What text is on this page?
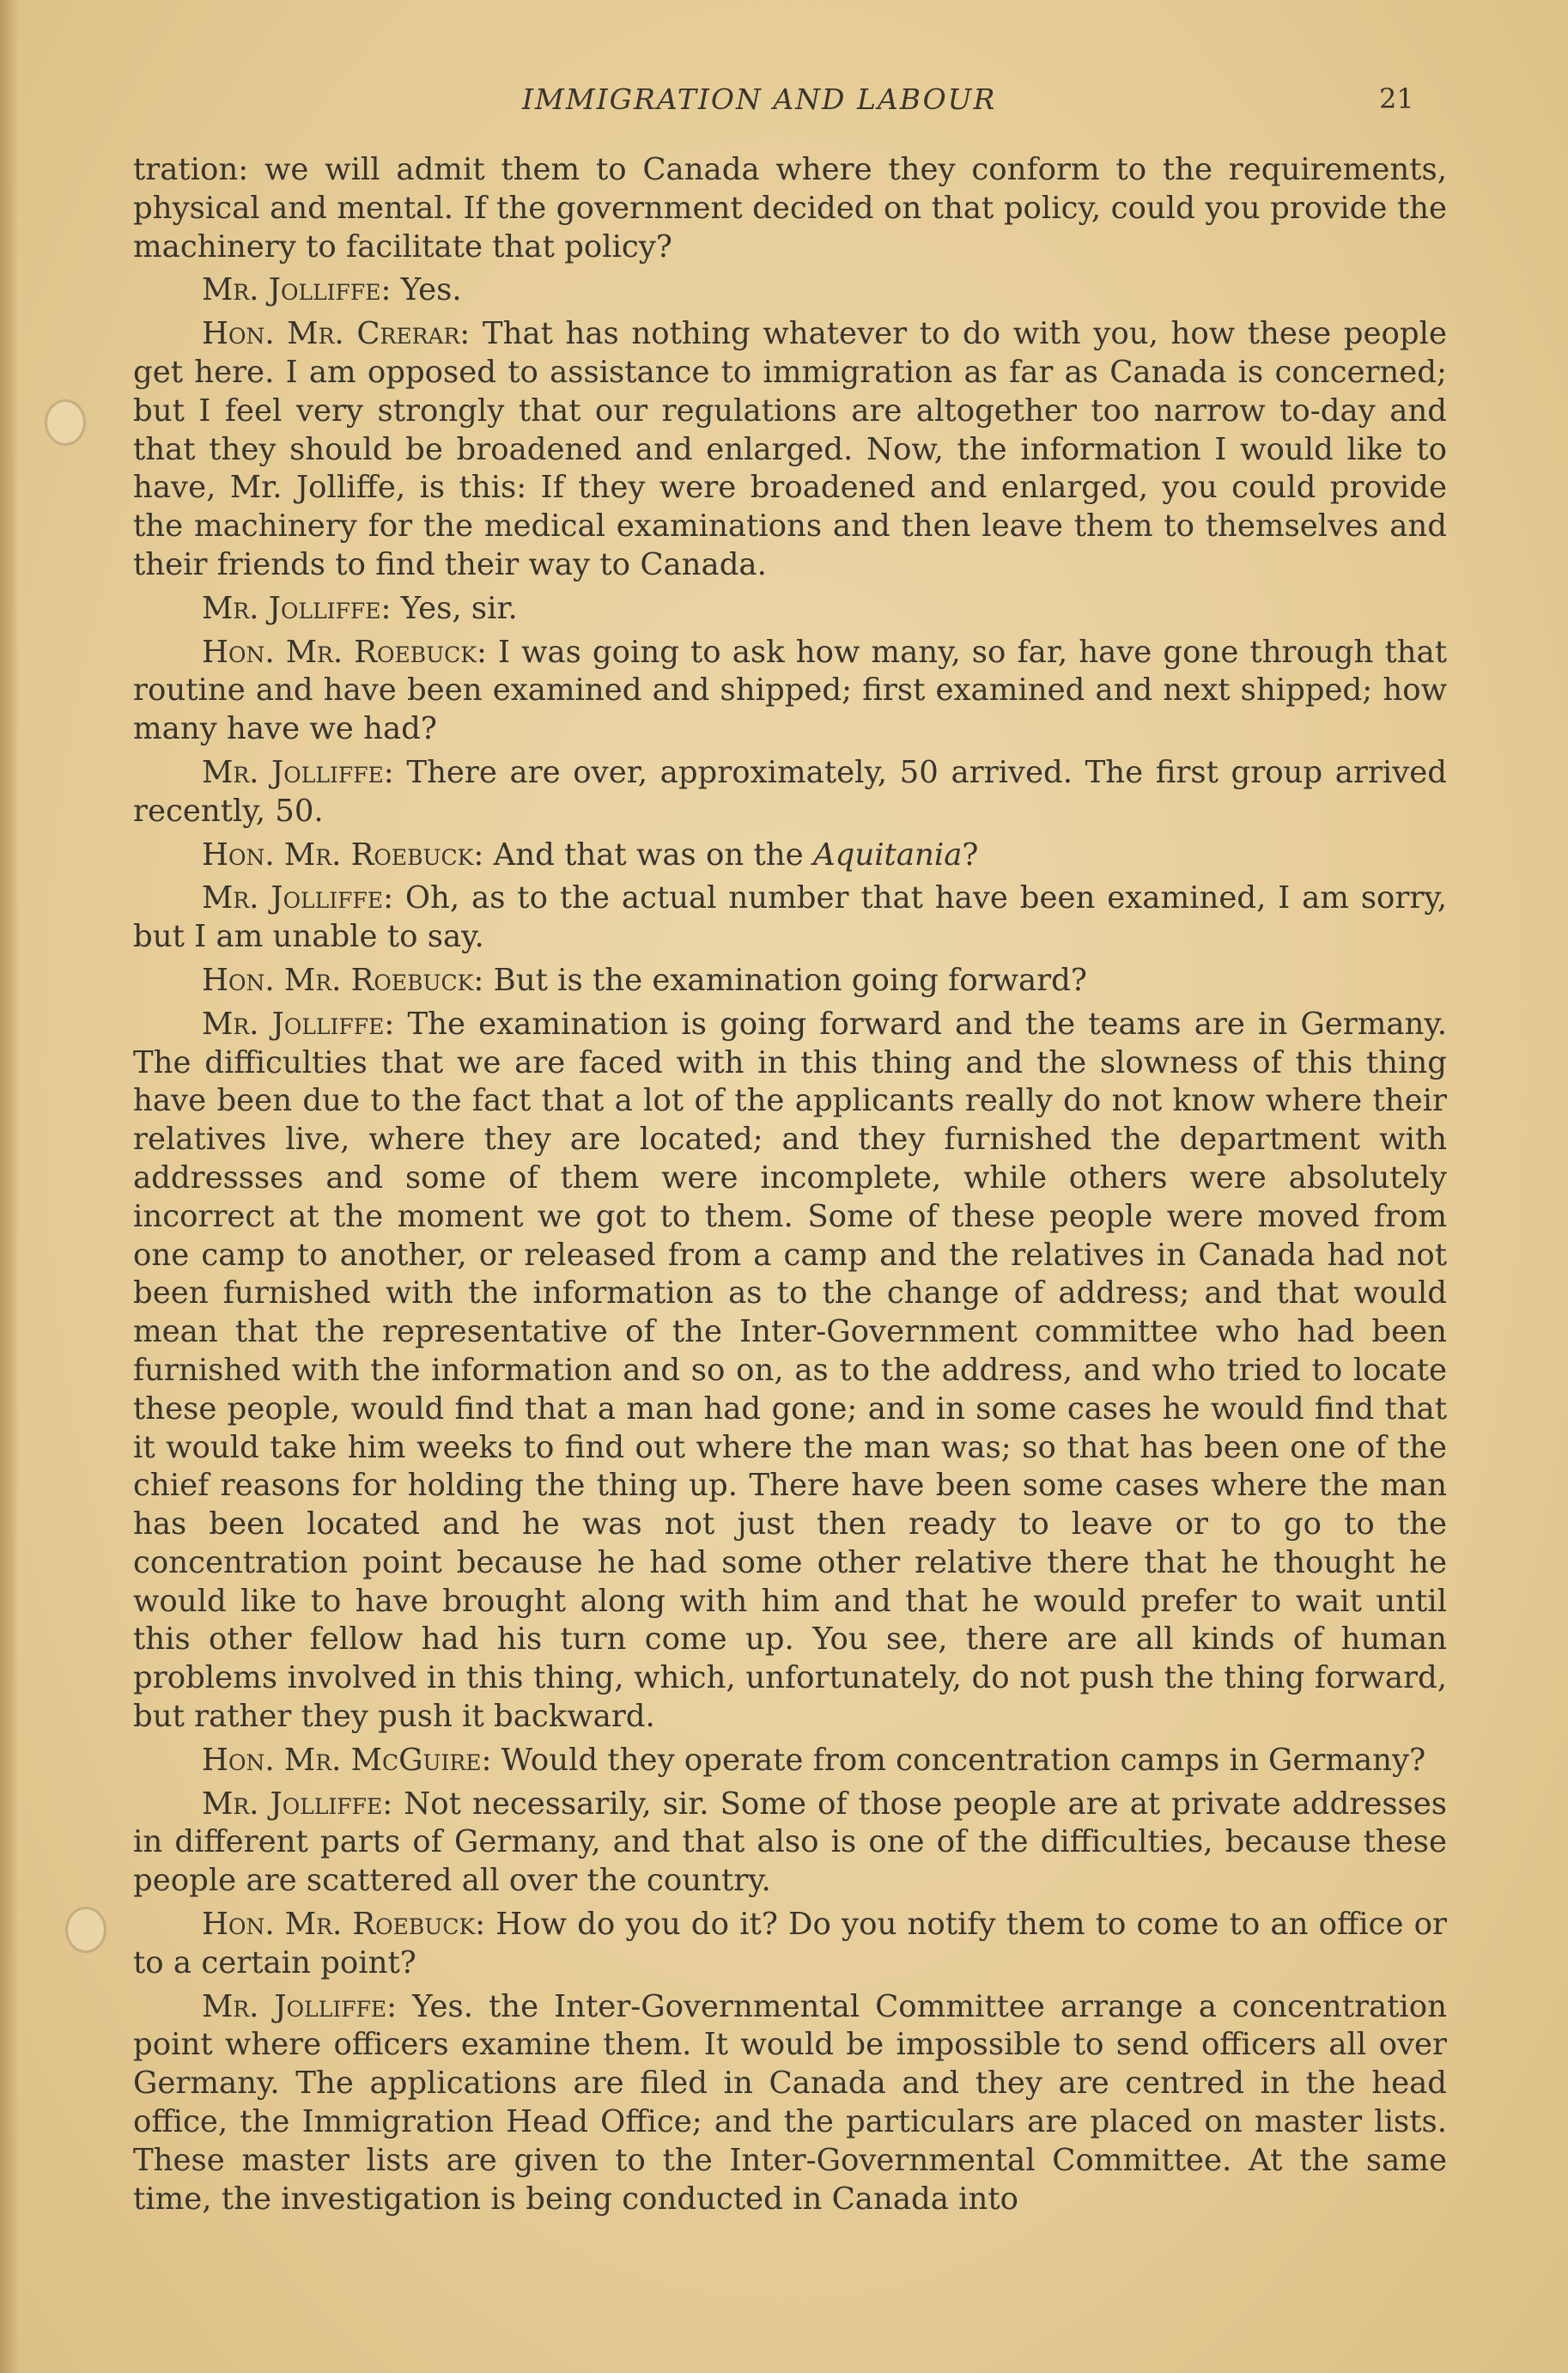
IMMIGRATION AND LABOUR	21

tration: we will admit them to Canada where they conform to the requirements, physical and mental. If the government decided on that policy, could you provide the machinery to facilitate that policy?

Mr. Jolliffe: Yes.

Hon. Mr. Crerar: That has nothing whatever to do with you, how these people get here. I am opposed to assistance to immigration as far as Canada is concerned; but I feel very strongly that our regulations are altogether too narrow to-day and that they should be broadened and enlarged. Now, the information I would like to have, Mr. Jolliffe, is this: If they were broadened and enlarged, you could provide the machinery for the medical examinations and then leave them to themselves and their friends to find their way to Canada.

Mr. Jolliffe: Yes, sir.

Hon. Mr. Roebuck: I was going to ask how many, so far, have gone through that routine and have been examined and shipped; first examined and next shipped; how many have we had?

Mr. Jolliffe: There are over, approximately, 50 arrived. The first group arrived recently, 50.

Hon. Mr. Roebuck: And that was on the Aquitania?

Mr. Jolliffe: Oh, as to the actual number that have been examined, I am sorry, but I am unable to say.

Hon. Mr. Roebuck: But is the examination going forward?

Mr. Jolliffe: The examination is going forward and the teams are in Germany. The difficulties that we are faced with in this thing and the slowness of this thing have been due to the fact that a lot of the applicants really do not know where their relatives live, where they are located; and they furnished the department with addressses and some of them were incomplete, while others were absolutely incorrect at the moment we got to them. Some of these people were moved from one camp to another, or released from a camp and the relatives in Canada had not been furnished with the information as to the change of address; and that would mean that the representative of the Inter-Government committee who had been furnished with the information and so on, as to the address, and who tried to locate these people, would find that a man had gone; and in some cases he would find that it would take him weeks to find out where the man was; so that has been one of the chief reasons for holding the thing up. There have been some cases where the man has been located and he was not just then ready to leave or to go to the concentration point because he had some other relative there that he thought he would like to have brought along with him and that he would prefer to wait until this other fellow had his turn come up. You see, there are all kinds of human problems involved in this thing, which, unfortunately, do not push the thing forward, but rather they push it backward.

Hon. Mr. McGuire: Would they operate from concentration camps in Germany?

Mr. Jolliffe: Not necessarily, sir. Some of those people are at private addresses in different parts of Germany, and that also is one of the difficulties, because these people are scattered all over the country.

Hon. Mr. Roebuck: How do you do it? Do you notify them to come to an office or to a certain point?

Mr. Jolliffe: Yes. the Inter-Governmental Committee arrange a concentration point where officers examine them. It would be impossible to send officers all over Germany. The applications are filed in Canada and they are centred in the head office, the Immigration Head Office; and the particulars are placed on master lists. These master lists are given to the Inter-Governmental Committee. At the same time, the investigation is being conducted in Canada into
